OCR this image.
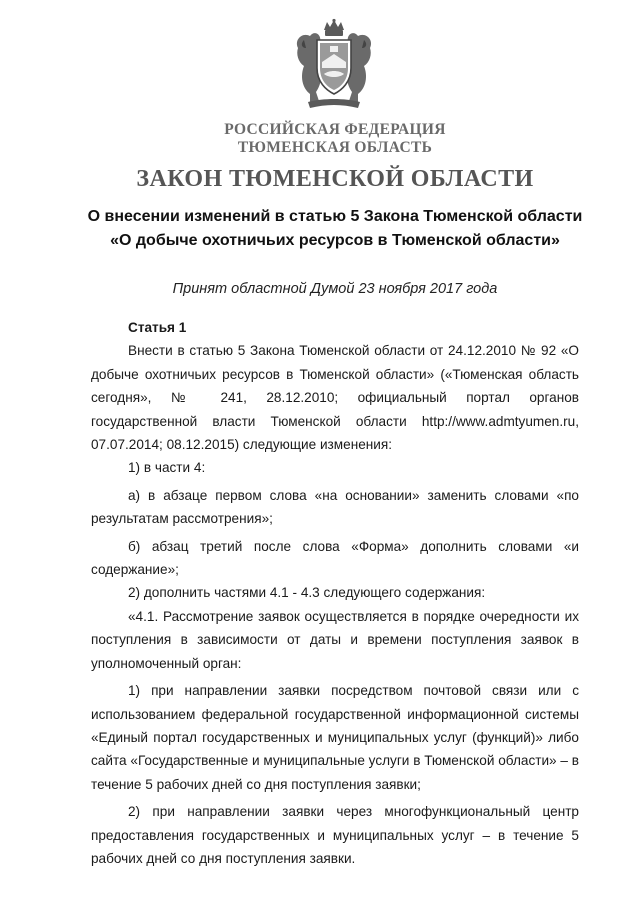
РОССИЙСКАЯ ФЕДЕРАЦИЯ
ТЮМЕНСКАЯ ОБЛАСТЬ
ЗАКОН ТЮМЕНСКОЙ ОБЛАСТИ
О внесении изменений в статью 5 Закона Тюменской области
«О добыче охотничьих ресурсов в Тюменской области»
Принят областной Думой 23 ноября 2017 года

Статья 1

Внести в статью 5 Закона Тюменской области от 24.12.2010 № 92 «О добыче охотничьих ресурсов в Тюменской области» («Тюменская область сегодня», № 241, 28.12.2010; официальный портал органов государственной власти Тюменской области http://www.admtyumen.ru, 07.07.2014; 08.12.2015) следующие изменения:

1) в части 4:

а) в абзаце первом слова «на основании» заменить словами «по результатам рассмотрения»;

б) абзац третий после слова «Форма» дополнить словами «и содержание»;

2) дополнить частями 4.1 - 4.3 следующего содержания:

«4.1. Рассмотрение заявок осуществляется в порядке очередности их поступления в зависимости от даты и времени поступления заявок в уполномоченный орган:

1) при направлении заявки посредством почтовой связи или с использованием федеральной государственной информационной системы «Единый портал государственных и муниципальных услуг (функций)» либо сайта «Государственные и муниципальные услуги в Тюменской области» – в течение 5 рабочих дней со дня поступления заявки;

2) при направлении заявки через многофункциональный центр предоставления государственных и муниципальных услуг – в течение 5 рабочих дней со дня поступления заявки.
